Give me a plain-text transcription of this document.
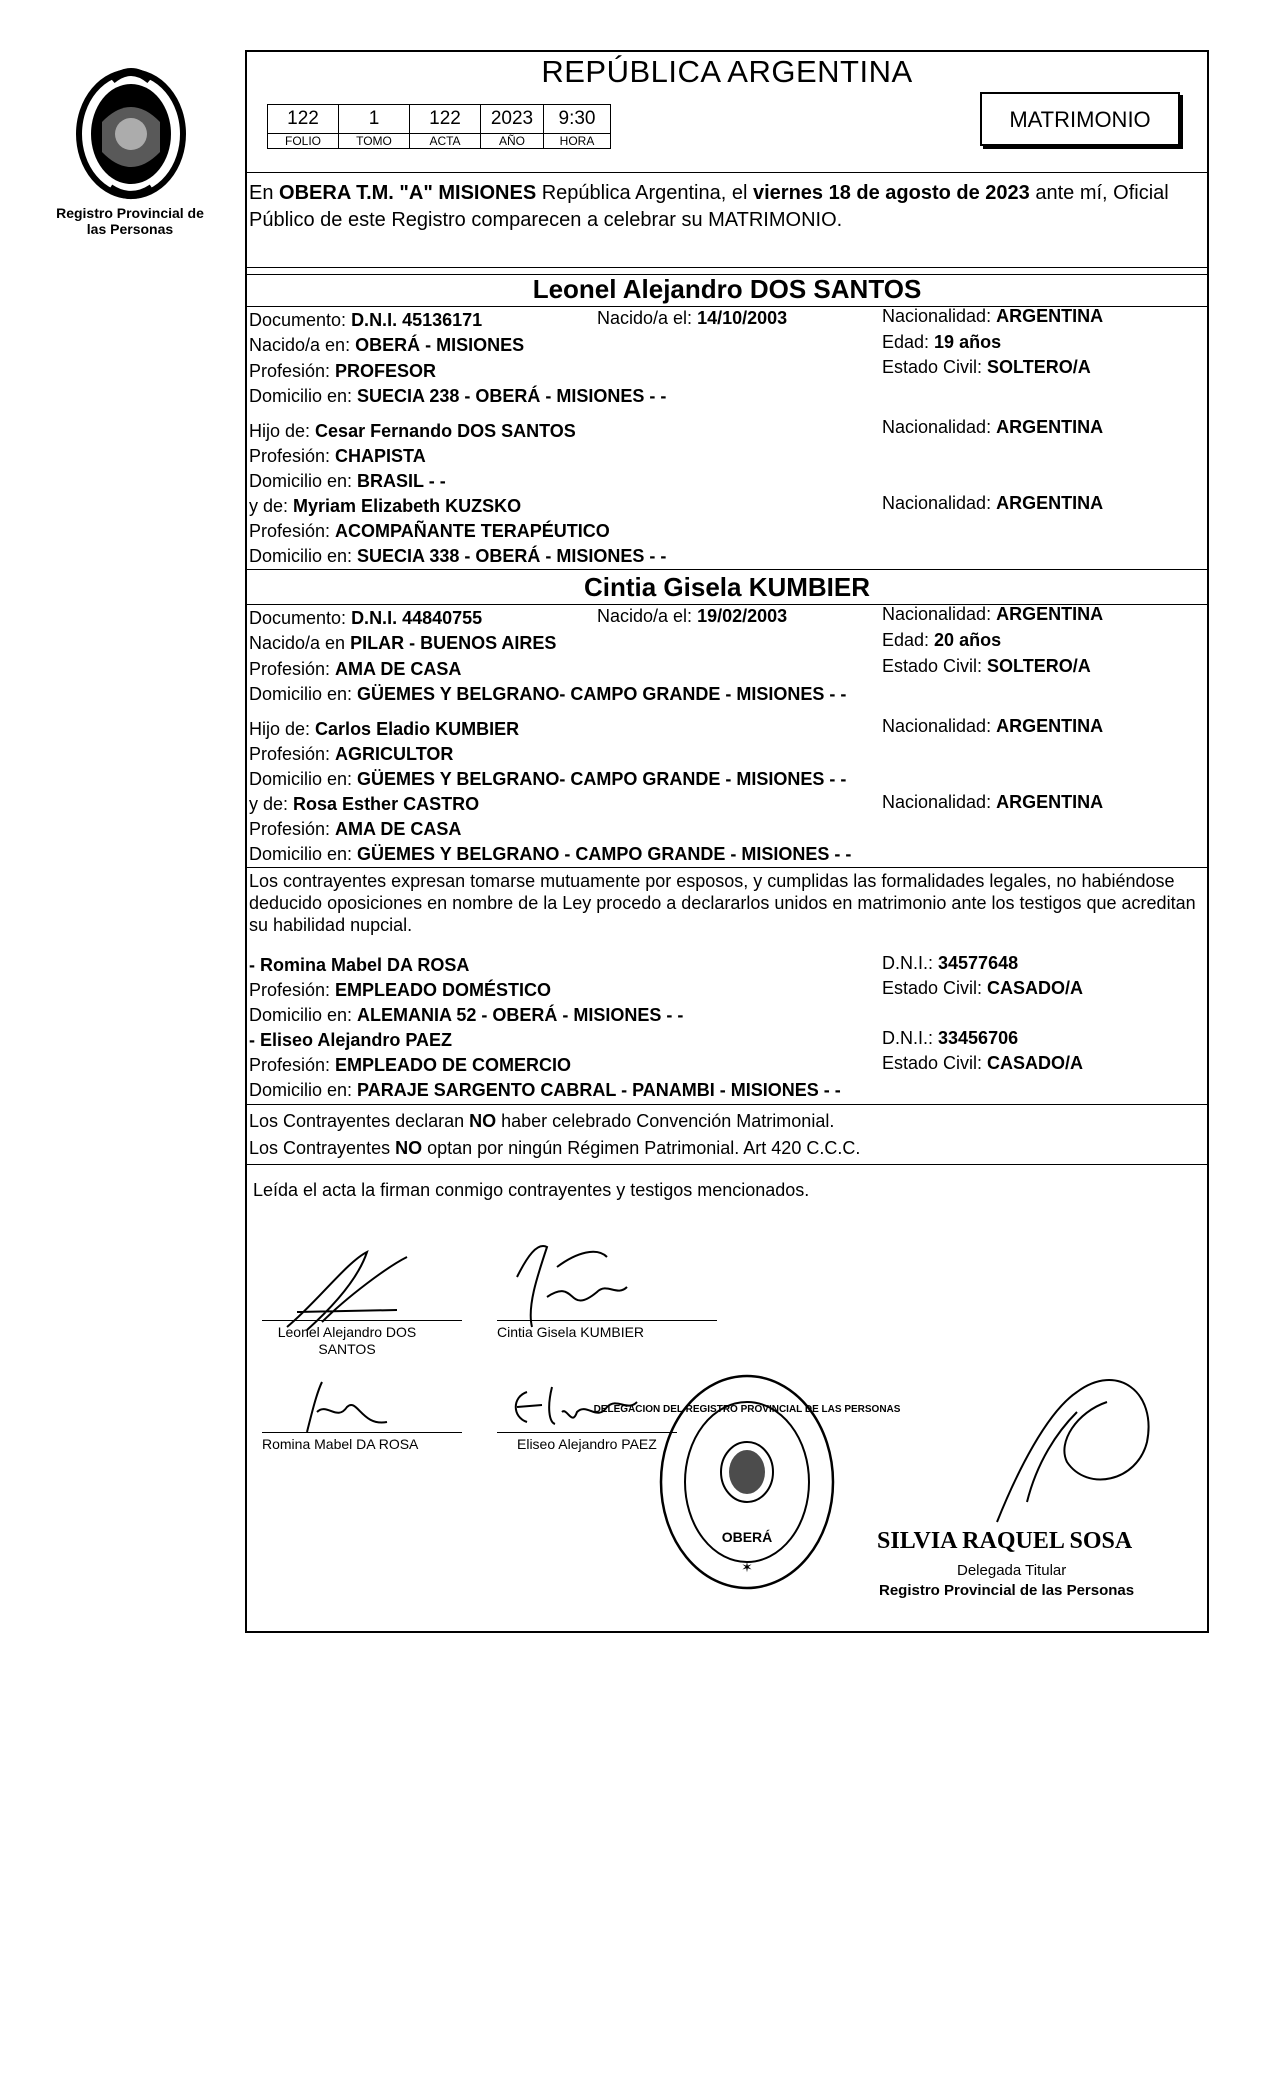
Registro Provincial de las Personas
REPÚBLICA ARGENTINA
122	1	122	2023	9:30
FOLIO	TOMO	ACTA	AÑO	HORA
MATRIMONIO
En OBERA T.M. "A" MISIONES República Argentina, el viernes 18 de agosto de 2023 ante mí, Oficial Público de este Registro comparecen a celebrar su MATRIMONIO.
Leonel Alejandro DOS SANTOS
Documento: D.N.I. 45136171	Nacido/a el: 14/10/2003	Nacionalidad: ARGENTINA
Nacido/a en: OBERÁ - MISIONES	Edad: 19 años
Profesión: PROFESOR	Estado Civil: SOLTERO/A
Domicilio en: SUECIA 238 - OBERÁ - MISIONES - -
Hijo de: Cesar Fernando DOS SANTOS	Nacionalidad: ARGENTINA
Profesión: CHAPISTA
Domicilio en: BRASIL - -
y de: Myriam Elizabeth KUZSKO	Nacionalidad: ARGENTINA
Profesión: ACOMPAÑANTE TERAPÉUTICO
Domicilio en: SUECIA 338 - OBERÁ - MISIONES - -
Cintia Gisela KUMBIER
Documento: D.N.I. 44840755	Nacido/a el: 19/02/2003	Nacionalidad: ARGENTINA
Nacido/a en PILAR - BUENOS AIRES	Edad: 20 años
Profesión: AMA DE CASA	Estado Civil: SOLTERO/A
Domicilio en: GÜEMES Y BELGRANO- CAMPO GRANDE - MISIONES - -
Hijo de: Carlos Eladio KUMBIER	Nacionalidad: ARGENTINA
Profesión: AGRICULTOR
Domicilio en: GÜEMES Y BELGRANO- CAMPO GRANDE - MISIONES - -
y de: Rosa Esther CASTRO	Nacionalidad: ARGENTINA
Profesión: AMA DE CASA
Domicilio en: GÜEMES Y BELGRANO - CAMPO GRANDE - MISIONES - -
Los contrayentes expresan tomarse mutuamente por esposos, y cumplidas las formalidades legales, no habiéndose deducido oposiciones en nombre de la Ley procedo a declararlos unidos en matrimonio ante los testigos que acreditan su habilidad nupcial.
- Romina Mabel DA ROSA	D.N.I.: 34577648
Profesión: EMPLEADO DOMÉSTICO	Estado Civil: CASADO/A
Domicilio en: ALEMANIA 52 - OBERÁ - MISIONES - -
- Eliseo Alejandro PAEZ	D.N.I.: 33456706
Profesión: EMPLEADO DE COMERCIO	Estado Civil: CASADO/A
Domicilio en: PARAJE SARGENTO CABRAL - PANAMBI - MISIONES - -
Los Contrayentes declaran NO haber celebrado Convención Matrimonial.
Los Contrayentes NO optan por ningún Régimen Patrimonial. Art 420 C.C.C.
Leída el acta la firman conmigo contrayentes y testigos mencionados.
Leonel Alejandro DOS SANTOS
Cintia Gisela KUMBIER
Romina Mabel DA ROSA	Eliseo Alejandro PAEZ
DELEGACION DEL REGISTRO PROVINCIAL DE LAS PERSONAS
OBERÁ
✶
SILVIA RAQUEL SOSA
Delegada Titular
Registro Provincial de las Personas
